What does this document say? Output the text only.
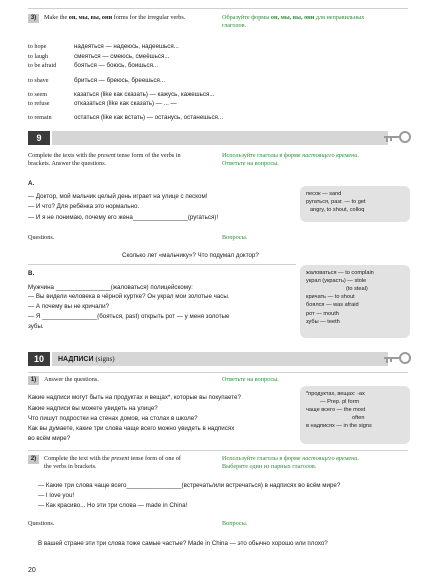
3)	Make the он, мы, вы, они forms for the irregular verbs.	Образуйте формы он, мы, вы, они для неправильных
глаголов.
to hope	надеяться — надеюсь, надеешься...
to laugh	смеяться — смеюсь, смеёшься...
to be afraid	бояться — боюсь, боишься...
to shave	бриться — бреюсь, бреешься...
to seem	казаться (like как сказать) — кажусь, кажешься...
to refuse	отказаться (like как сказать) — ... —
to remain	остаться (like как встать) — останусь, останешься...
9
Complete the texts with the present tense form of the verbs in
brackets. Answer the questions.
Используйте глаголы в форме настоящего времени.
Ответьте на вопросы.
A.
— Доктор, мой мальчик целый день играет на улице с песком!
— И что? Для ребёнка это нормально.
— И я не понимаю, почему его жена________________(ругаться)!
песок — sand
ругаться, разг. — to get
angry, to shout, colloq
Questions.	Вопросы.
Сколько лет «мальчику»? Что подумал доктор?
B.
Мужчина ________________(жаловаться) полицейскому:
— Вы видели человека в чёрной куртке? Он украл мои золотые часы.
— А почему вы не кричали?
— Я ________________(бояться, past) открыть рот — у меня золотые
зубы.
жаловаться — to complain
украл (украсть) — stole
(to steal)
кричать — to shout
боялся — was afraid
рот — mouth
зубы — teeth
10	НАДПИСИ (signs)
1)	Answer the questions.	Ответьте на вопросы.
Какие надписи могут быть на продуктах и вещах*, которые вы покупаете?
Какие надписи вы можете увидеть на улице?
Что пишут подростки на стенах домов, на столах в школе?
Как вы думаете, какие три слова чаще всего можно увидеть в надписях
во всём мире?
*продуктах, вещах: -ах
— Prep. pl form
чаще всего — the most
often
в надписях — in the signs
2)	Complete the text with the present tense form of one of
the verbs in brackets.
Используйте глаголы в форме настоящего времени.
Выберите один из парных глаголов.
— Какие три слова чаще всего________________(встречать/или встречаться) в надписях во всём мире?
— I love you!
— Как красиво... Но эти три слова — made in China!
Questions.	Вопросы.
В вашей стране эти три слова тоже самые частые? Made in China — это обычно хорошо или плохо?
20
